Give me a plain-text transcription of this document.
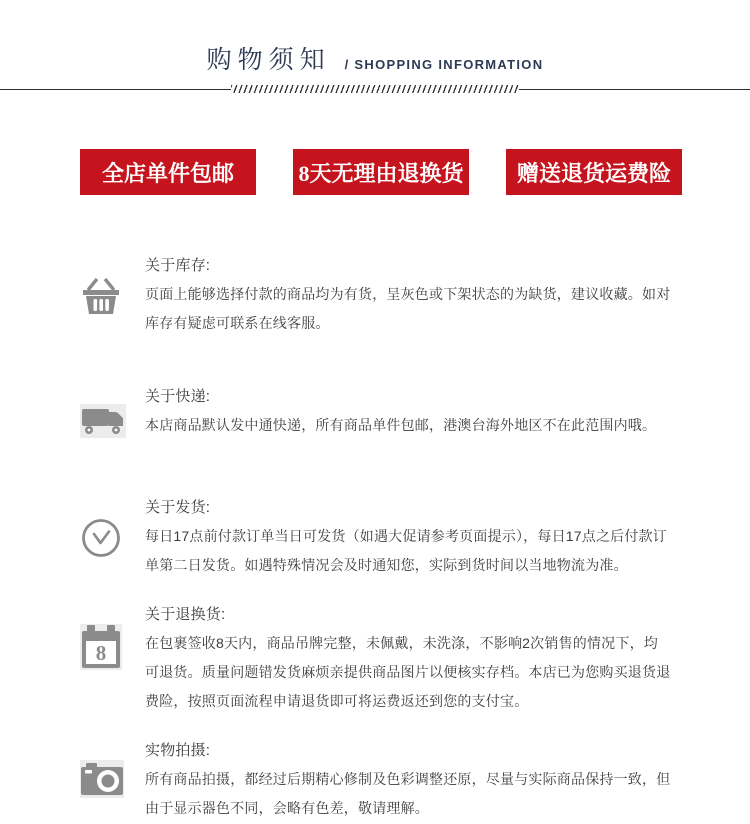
购物须知 / SHOPPING INFORMATION
全店单件包邮	8天无理由退换货	赠送退货运费险
关于库存:
页面上能够选择付款的商品均为有货，呈灰色或下架状态的为缺货，建议收藏。如对库存有疑虑可联系在线客服。
关于快递:
本店商品默认发中通快递，所有商品单件包邮，港澳台海外地区不在此范围内哦。
关于发货:
每日17点前付款订单当日可发货（如遇大促请参考页面提示），每日17点之后付款订单第二日发货。如遇特殊情况会及时通知您，实际到货时间以当地物流为准。
8
关于退换货:
在包裹签收8天内，商品吊牌完整，未佩戴，未洗涤，不影响2次销售的情况下，均可退货。质量问题错发货麻烦亲提供商品图片以便核实存档。本店已为您购买退货退费险，按照页面流程申请退货即可将运费返还到您的支付宝。
实物拍摄:
所有商品拍摄，都经过后期精心修制及色彩调整还原，尽量与实际商品保持一致，但由于显示器色不同，会略有色差，敬请理解。
